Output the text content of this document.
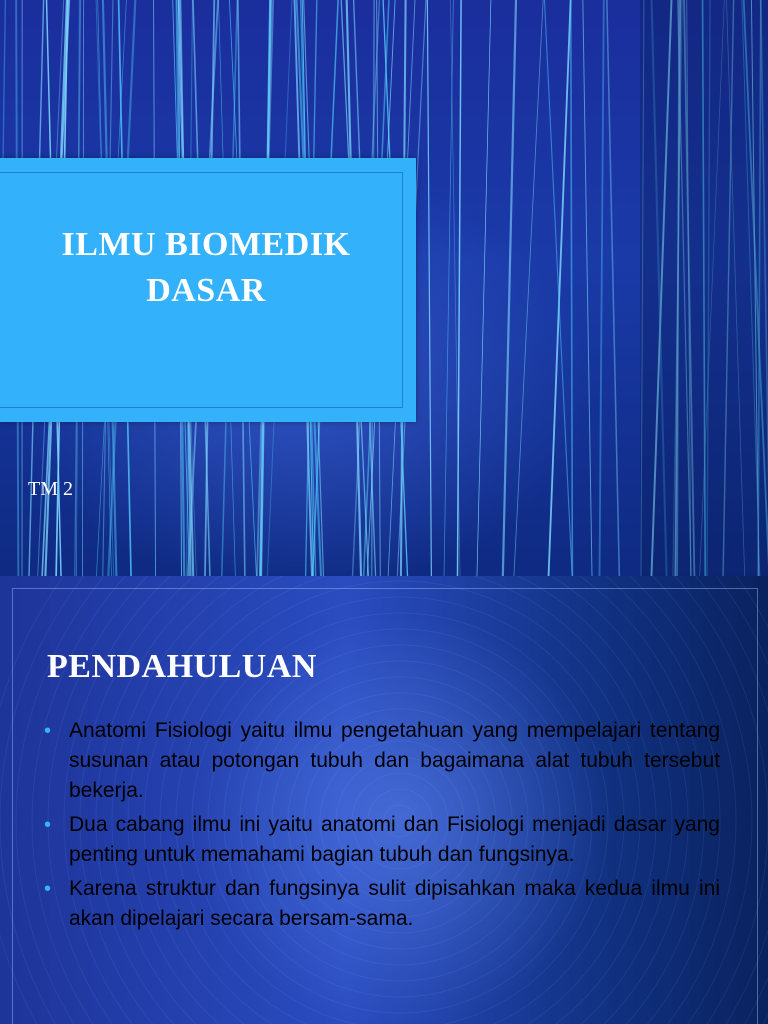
ILMU BIOMEDIK
DASAR
TM 2
PENDAHULUAN
• Anatomi Fisiologi yaitu ilmu pengetahuan yang mempelajari tentang susunan atau potongan tubuh dan bagaimana alat tubuh tersebut bekerja.
• Dua cabang ilmu ini yaitu anatomi dan Fisiologi menjadi dasar yang penting untuk memahami bagian tubuh dan fungsinya.
• Karena struktur dan fungsinya sulit dipisahkan maka kedua ilmu ini akan dipelajari secara bersam-sama.
